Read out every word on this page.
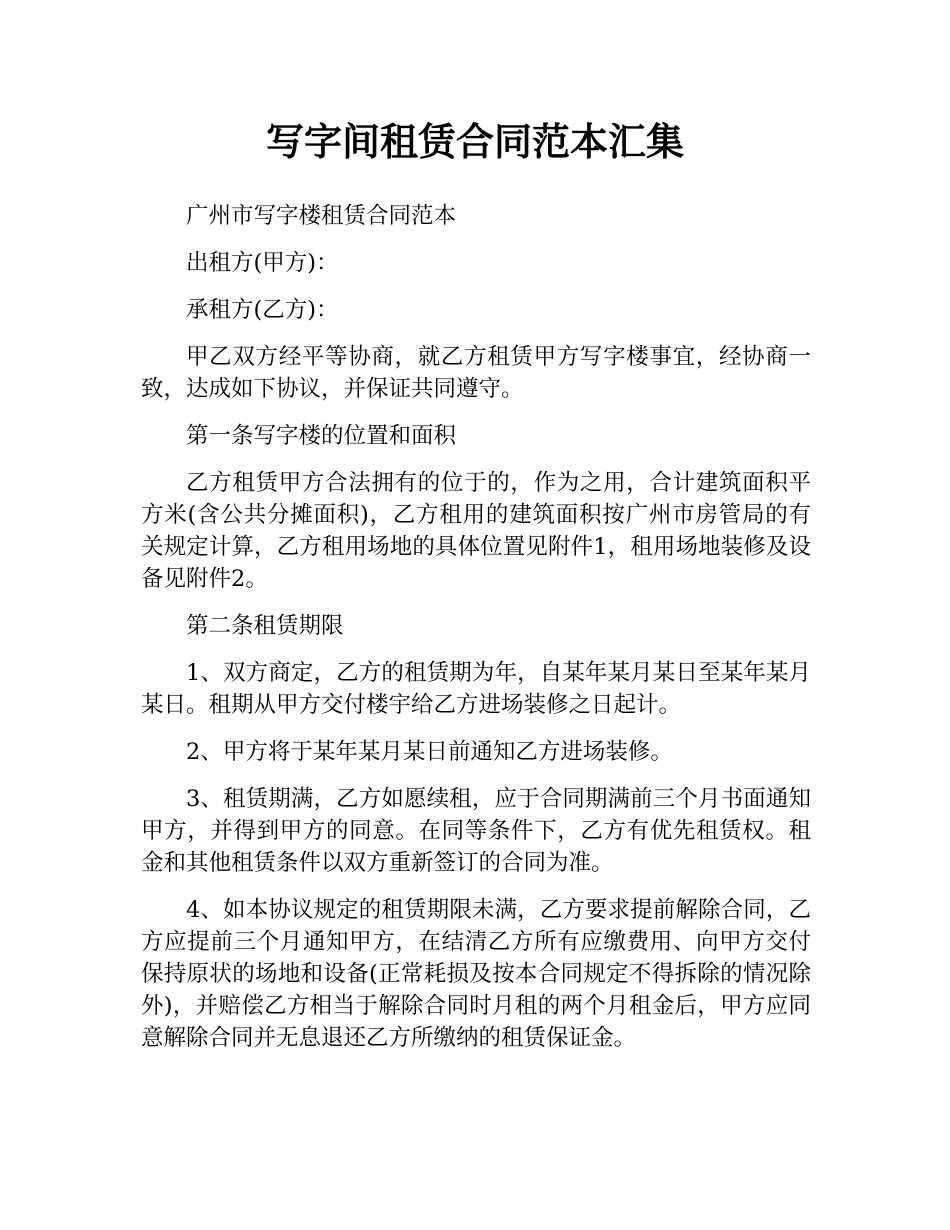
写字间租赁合同范本汇集

广州市写字楼租赁合同范本

出租方(甲方)：

承租方(乙方)：

甲乙双方经平等协商，就乙方租赁甲方写字楼事宜，经协商一致，达成如下协议，并保证共同遵守。

第一条写字楼的位置和面积

乙方租赁甲方合法拥有的位于的，作为之用，合计建筑面积平方米(含公共分摊面积)，乙方租用的建筑面积按广州市房管局的有关规定计算，乙方租用场地的具体位置见附件1，租用场地装修及设备见附件2。

第二条租赁期限

1、双方商定，乙方的租赁期为年，自某年某月某日至某年某月某日。租期从甲方交付楼宇给乙方进场装修之日起计。

2、甲方将于某年某月某日前通知乙方进场装修。

3、租赁期满，乙方如愿续租，应于合同期满前三个月书面通知甲方，并得到甲方的同意。在同等条件下，乙方有优先租赁权。租金和其他租赁条件以双方重新签订的合同为准。

4、如本协议规定的租赁期限未满，乙方要求提前解除合同，乙方应提前三个月通知甲方，在结清乙方所有应缴费用、向甲方交付保持原状的场地和设备(正常耗损及按本合同规定不得拆除的情况除外)，并赔偿乙方相当于解除合同时月租的两个月租金后，甲方应同意解除合同并无息退还乙方所缴纳的租赁保证金。
